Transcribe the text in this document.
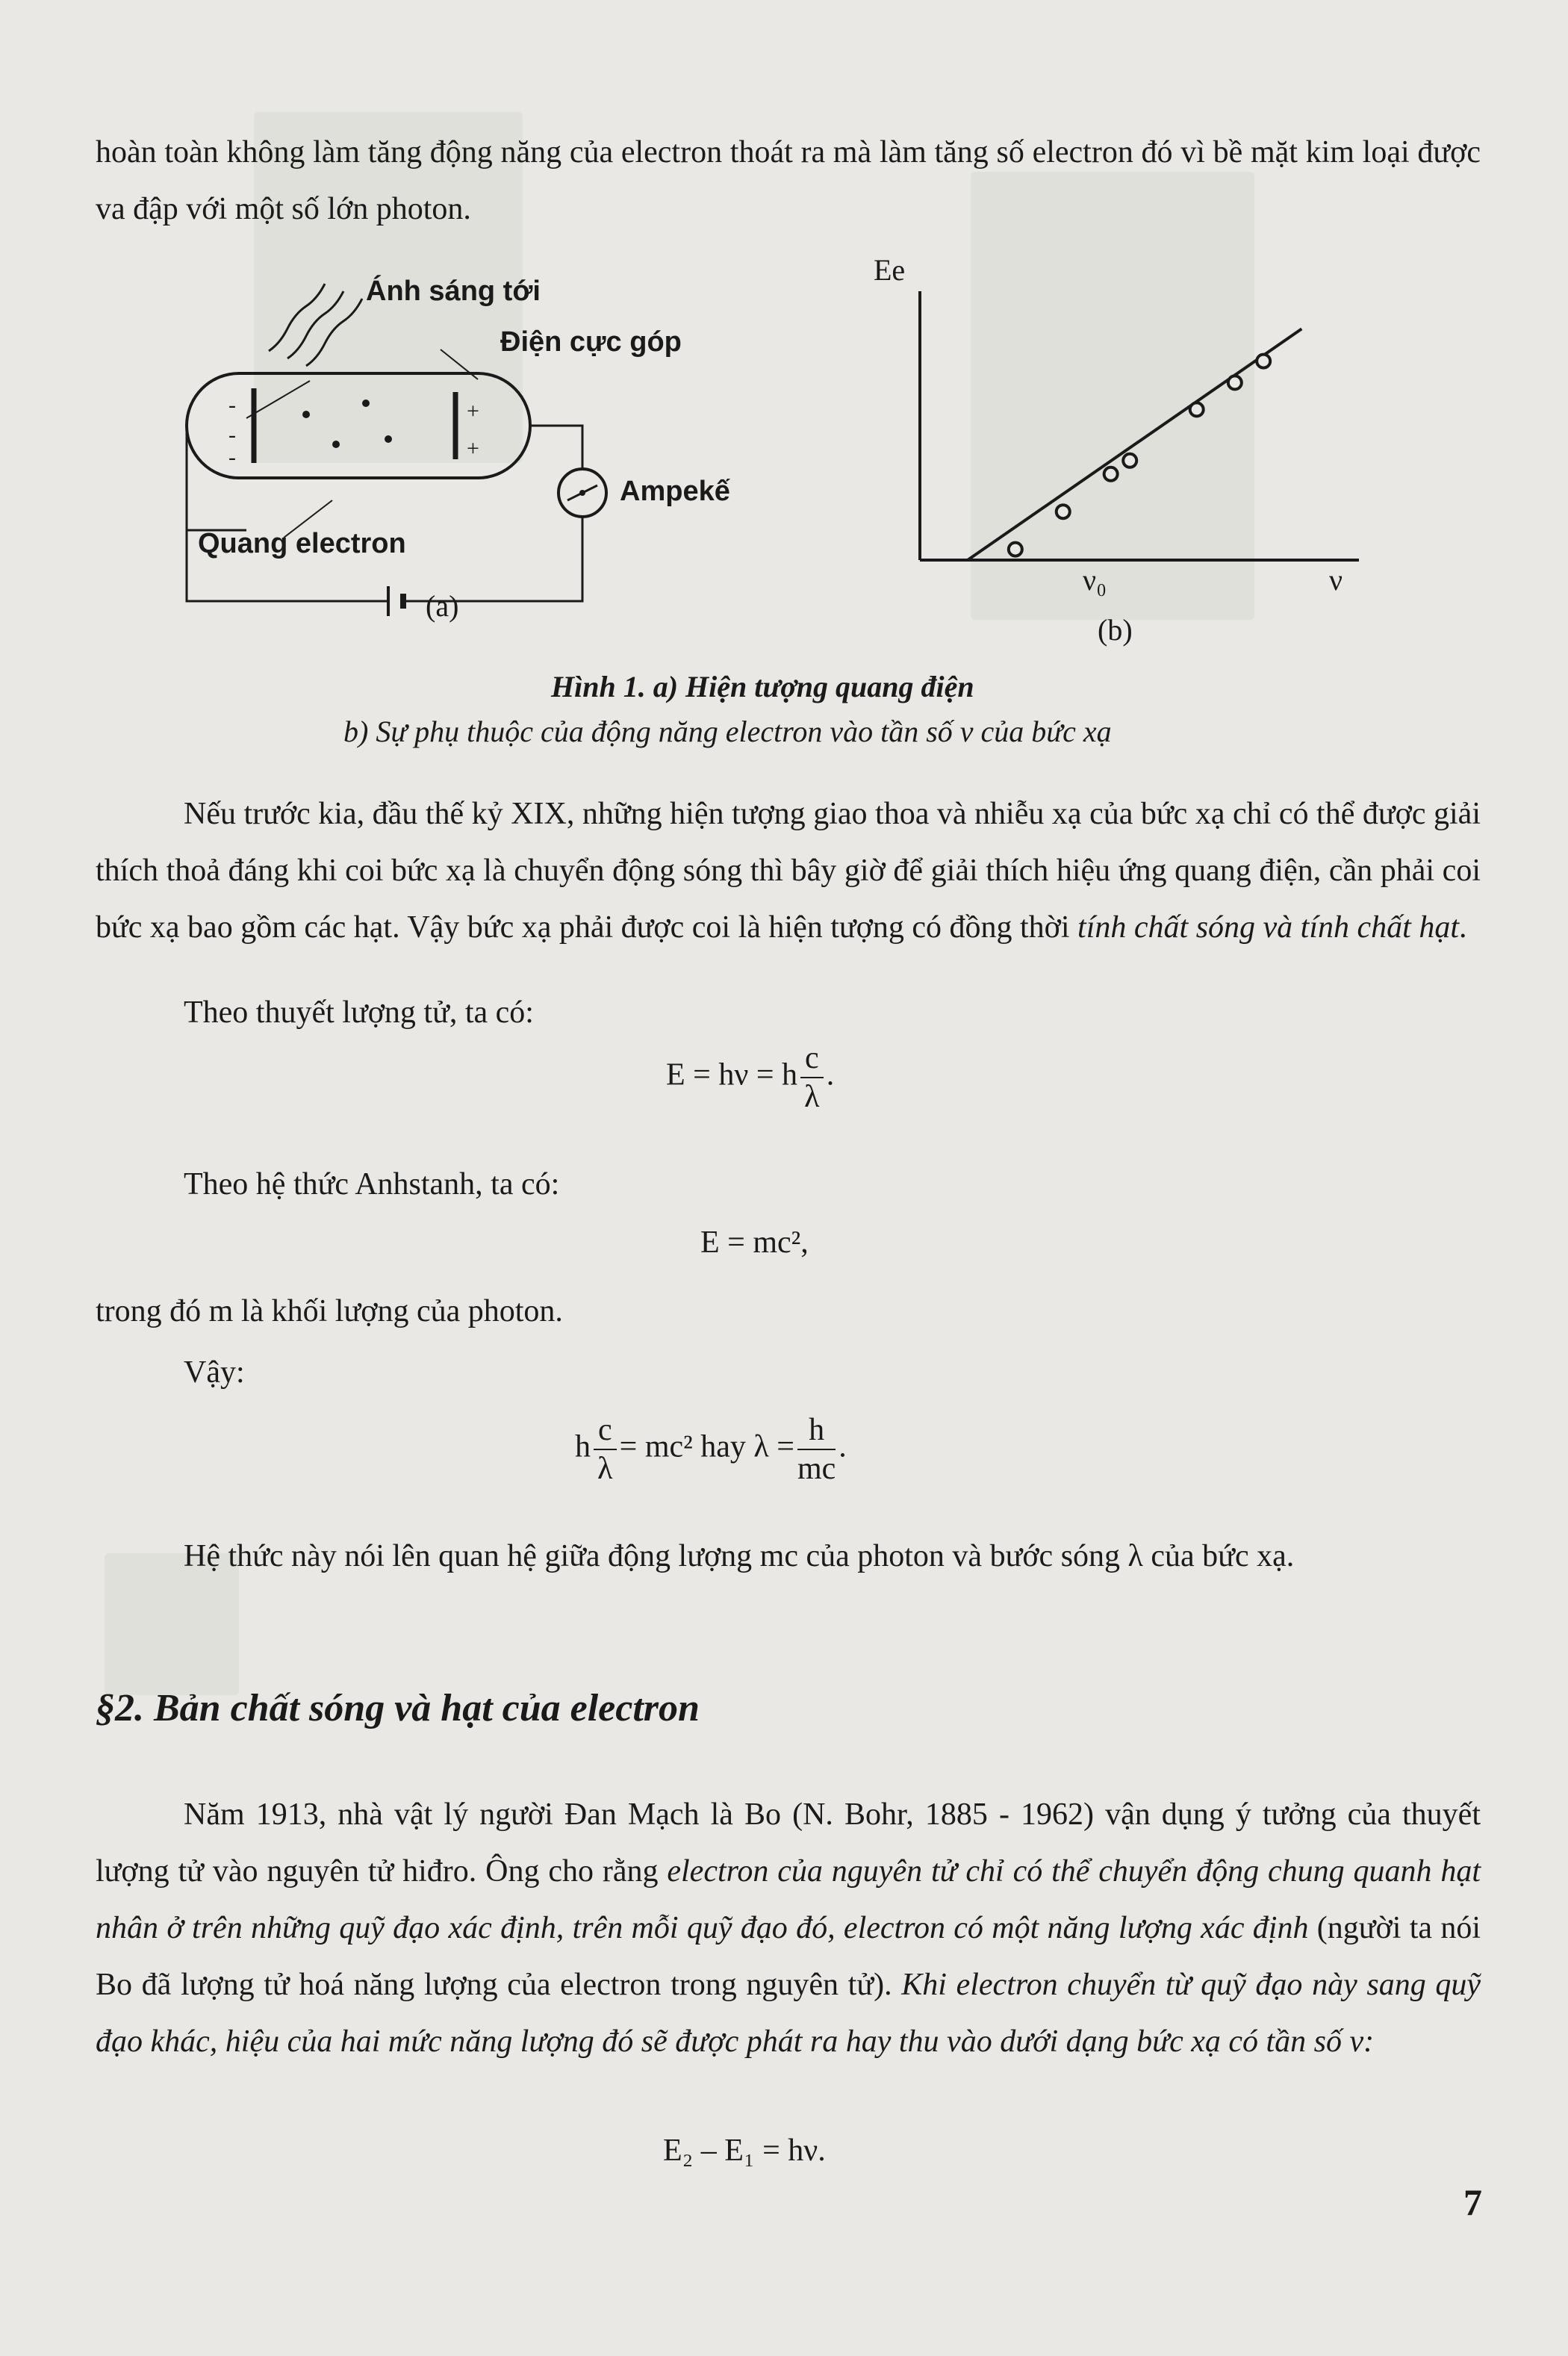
hoàn toàn không làm tăng động năng của electron thoát ra mà làm tăng số electron đó vì bề mặt kim loại được va đập với một số lớn photon.
Ánh sáng tới
-
-
-
+
+
Điện cực góp
Ampekế
Quang electron
(a)
Ee
ν
ν₀
(b)
Hình 1. a) Hiện tượng quang điện
b) Sự phụ thuộc của động năng electron vào tần số ν của bức xạ
Nếu trước kia, đầu thế kỷ XIX, những hiện tượng giao thoa và nhiễu xạ của bức xạ chỉ có thể được giải thích thoả đáng khi coi bức xạ là chuyển động sóng thì bây giờ để giải thích hiệu ứng quang điện, cần phải coi bức xạ bao gồm các hạt. Vậy bức xạ phải được coi là hiện tượng có đồng thời tính chất sóng và tính chất hạt.
Theo thuyết lượng tử, ta có:
E = hν = h $\frac{c}{\lambda}$ .
Theo hệ thức Anhstanh, ta có:
E = mc²,
trong đó m là khối lượng của photon.
Vậy:
h $\frac{c}{\lambda} = mc^2$ hay $\lambda = \frac{h}{mc}$ .
Hệ thức này nói lên quan hệ giữa động lượng mc của photon và bước sóng λ của bức xạ.
§2. Bản chất sóng và hạt của electron
Năm 1913, nhà vật lý người Đan Mạch là Bo (N. Bohr, 1885 - 1962) vận dụng ý tưởng của thuyết lượng tử vào nguyên tử hiđro. Ông cho rằng electron của nguyên tử chỉ có thể chuyển động chung quanh hạt nhân ở trên những quỹ đạo xác định, trên mỗi quỹ đạo đó, electron có một năng lượng xác định (người ta nói Bo đã lượng tử hoá năng lượng của electron trong nguyên tử). Khi electron chuyển từ quỹ đạo này sang quỹ đạo khác, hiệu của hai mức năng lượng đó sẽ được phát ra hay thu vào dưới dạng bức xạ có tần số ν:
E₂ – E₁ = hν.
7
